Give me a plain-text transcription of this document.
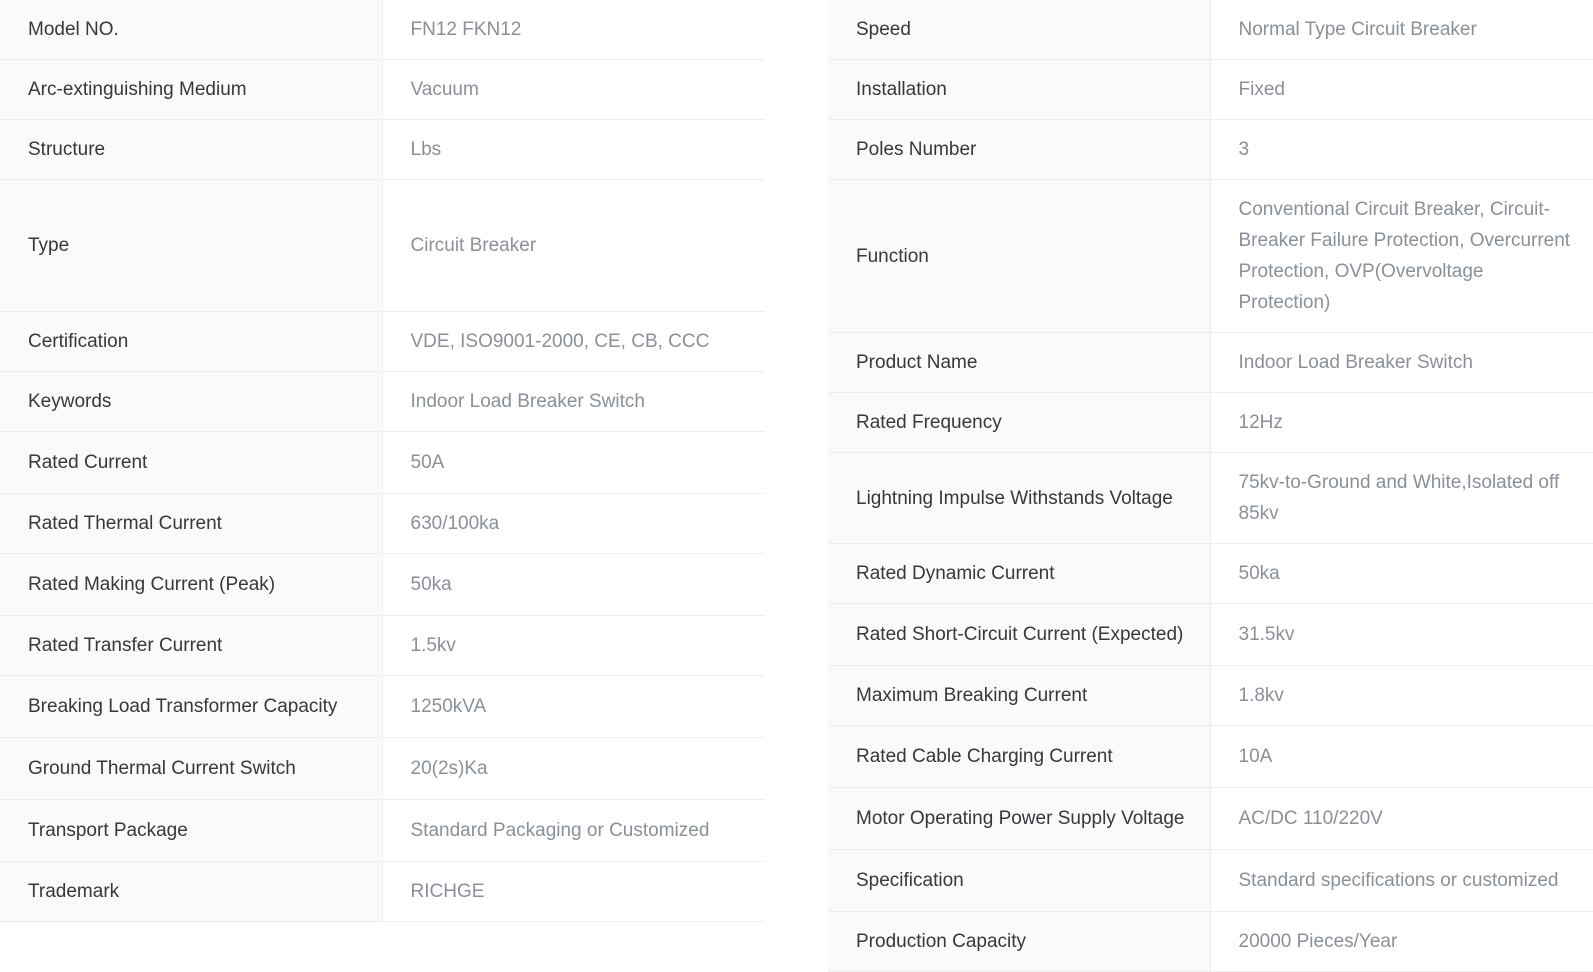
Model NO.	FN12 FKN12
Arc-extinguishing Medium	Vacuum
Structure	Lbs
Type	Circuit Breaker
Certification	VDE, ISO9001-2000, CE, CB, CCC
Keywords	Indoor Load Breaker Switch
Rated Current	50A
Rated Thermal Current	630/100ka
Rated Making Current (Peak)	50ka
Rated Transfer Current	1.5kv
Breaking Load Transformer Capacity	1250kVA
Ground Thermal Current Switch	20(2s)Ka
Transport Package	Standard Packaging or Customized
Trademark	RICHGE
Speed	Normal Type Circuit Breaker
Installation	Fixed
Poles Number	3
Function	Conventional Circuit Breaker, Circuit-Breaker Failure Protection, Overcurrent Protection, OVP(Overvoltage Protection)
Product Name	Indoor Load Breaker Switch
Rated Frequency	12Hz
Lightning Impulse Withstands Voltage	75kv-to-Ground and White,Isolated off 85kv
Rated Dynamic Current	50ka
Rated Short-Circuit Current (Expected)	31.5kv
Maximum Breaking Current	1.8kv
Rated Cable Charging Current	10A
Motor Operating Power Supply Voltage	AC/DC 110/220V
Specification	Standard specifications or customized
Production Capacity	20000 Pieces/Year
